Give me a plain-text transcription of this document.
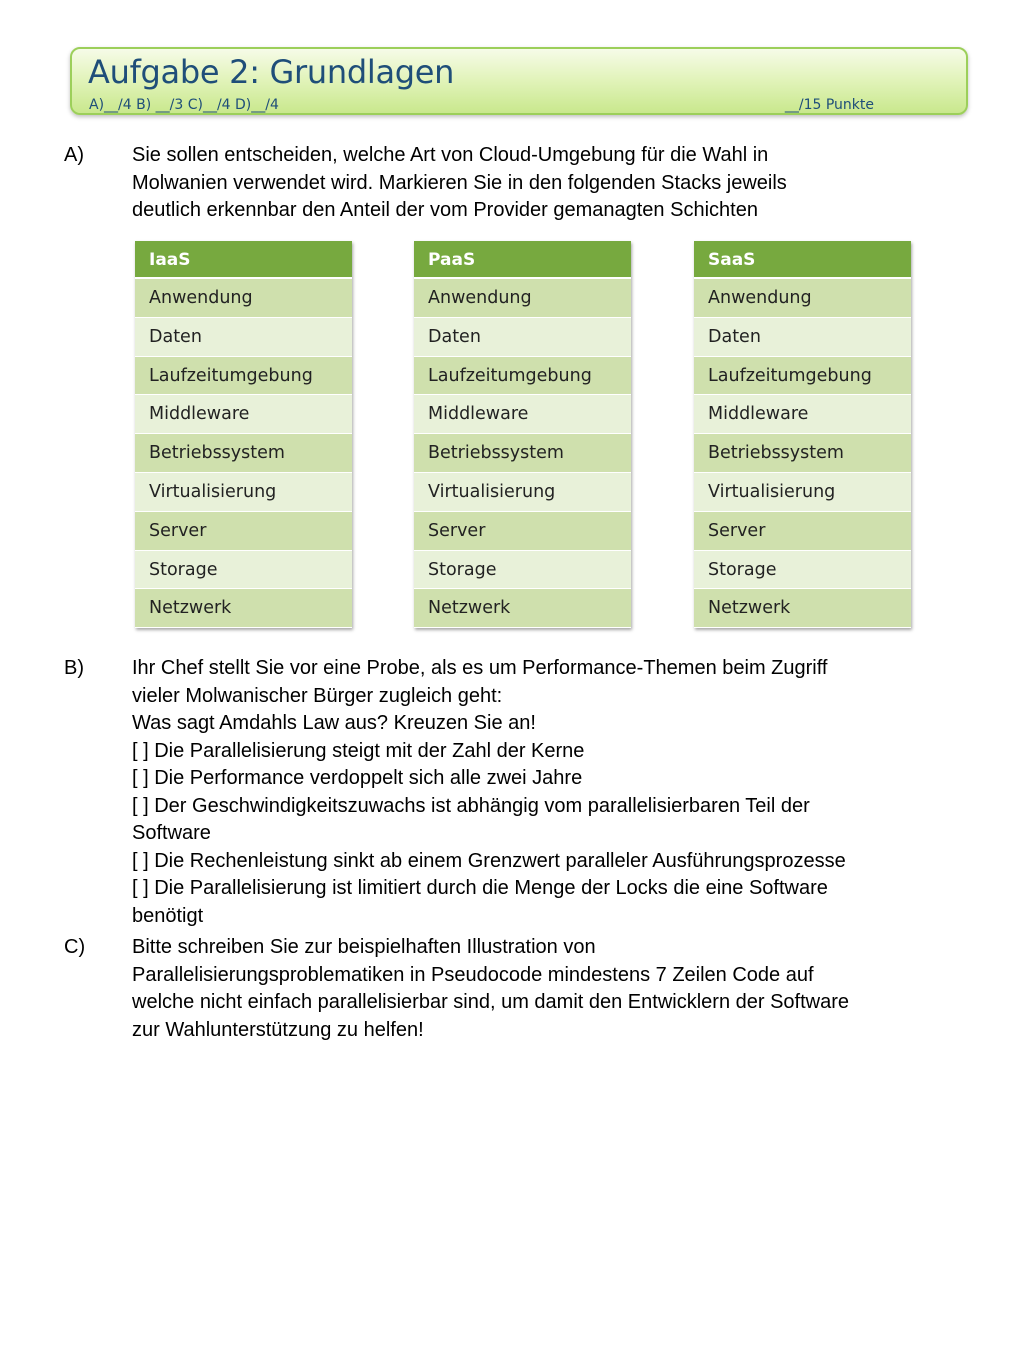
Aufgabe 2: Grundlagen
A)__/4 B) __/3 C)__/4 D)__/4	__/15 Punkte
A) Sie sollen entscheiden, welche Art von Cloud-Umgebung für die Wahl in
Molwanien verwendet wird. Markieren Sie in den folgenden Stacks jeweils
deutlich erkennbar den Anteil der vom Provider gemanagten Schichten
IaaS
Anwendung
Daten
Laufzeitumgebung
Middleware
Betriebssystem
Virtualisierung
Server
Storage
Netzwerk
PaaS
Anwendung
Daten
Laufzeitumgebung
Middleware
Betriebssystem
Virtualisierung
Server
Storage
Netzwerk
SaaS
Anwendung
Daten
Laufzeitumgebung
Middleware
Betriebssystem
Virtualisierung
Server
Storage
Netzwerk
B) Ihr Chef stellt Sie vor eine Probe, als es um Performance-Themen beim Zugriff
vieler Molwanischer Bürger zugleich geht:
Was sagt Amdahls Law aus? Kreuzen Sie an!
[ ] Die Parallelisierung steigt mit der Zahl der Kerne
[ ] Die Performance verdoppelt sich alle zwei Jahre
[ ] Der Geschwindigkeitszuwachs ist abhängig vom parallelisierbaren Teil der
Software
[ ] Die Rechenleistung sinkt ab einem Grenzwert paralleler Ausführungsprozesse
[ ] Die Parallelisierung ist limitiert durch die Menge der Locks die eine Software
benötigt
C) Bitte schreiben Sie zur beispielhaften Illustration von
Parallelisierungsproblematiken in Pseudocode mindestens 7 Zeilen Code auf
welche nicht einfach parallelisierbar sind, um damit den Entwicklern der Software
zur Wahlunterstützung zu helfen!
